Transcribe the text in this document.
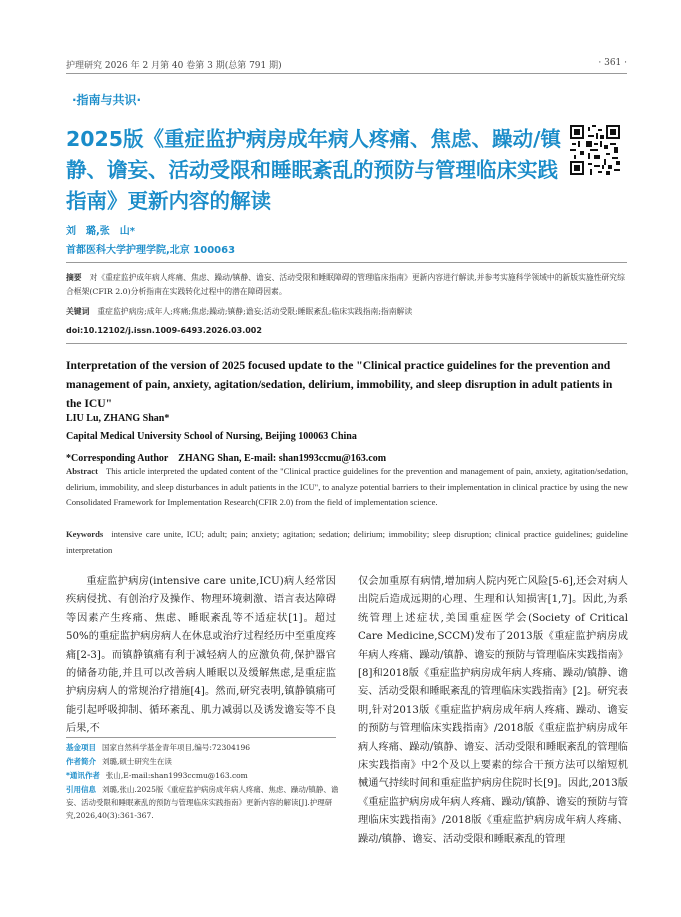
护理研究 2026 年 2 月第 40 卷第 3 期(总第 791 期)	· 361 ·
·指南与共识·
2025版《重症监护病房成年病人疼痛、焦虑、躁动/镇静、谵妄、活动受限和睡眠紊乱的预防与管理临床实践指南》更新内容的解读
刘　璐,张　山*
首都医科大学护理学院,北京 100063
摘要 对《重症监护成年病人疼痛、焦虑、躁动/镇静、谵妄、活动受限和睡眠障碍的管理临床指南》更新内容进行解读,并参考实施科学领域中的新版实施性研究综合框架(CFIR 2.0)分析指南在实践转化过程中的潜在障碍因素。
关键词 重症监护病房;成年人;疼痛;焦虑;躁动;镇静;谵妄;活动受限;睡眠紊乱;临床实践指南;指南解读
doi:10.12102/j.issn.1009-6493.2026.03.002
Interpretation of the version of 2025 focused update to the "Clinical practice guidelines for the prevention and management of pain, anxiety, agitation/sedation, delirium, immobility, and sleep disruption in adult patients in the ICU"
LIU Lu, ZHANG Shan*
Capital Medical University School of Nursing, Beijing 100063 China
*Corresponding Author　ZHANG Shan, E-mail: shan1993ccmu@163.com
Abstract This article interpreted the updated content of the "Clinical practice guidelines for the prevention and management of pain, anxiety, agitation/sedation, delirium, immobility, and sleep disturbances in adult patients in the ICU", to analyze potential barriers to their implementation in clinical practice by using the new Consolidated Framework for Implementation Research(CFIR 2.0) from the field of implementation science.
Keywords intensive care unite, ICU; adult; pain; anxiety; agitation; sedation; delirium; immobility; sleep disruption; clinical practice guidelines; guideline interpretation
重症监护病房(intensive care unite,ICU)病人经常因疾病侵扰、有创治疗及操作、物理环境刺激、语言表达障碍等因素产生疼痛、焦虑、睡眠紊乱等不适症状[1]。超过50%的重症监护病房病人在休息或治疗过程经历中至重度疼痛[2-3]。而镇静镇痛有利于减轻病人的应激负荷,保护器官的储备功能,并且可以改善病人睡眠以及缓解焦虑,是重症监护病房病人的常规治疗措施[4]。然而,研究表明,镇静镇痛可能引起呼吸抑制、循环紊乱、肌力减弱以及诱发谵妄等不良后果,不
仅会加重原有病情,增加病人院内死亡风险[5-6],还会对病人出院后造成远期的心理、生理和认知损害[1,7]。因此,为系统管理上述症状,美国重症医学会(Society of Critical Care Medicine,SCCM)发布了2013版《重症监护病房成年病人疼痛、躁动/镇静、谵妄的预防与管理临床实践指南》[8]和2018版《重症监护病房成年病人疼痛、躁动/镇静、谵妄、活动受限和睡眠紊乱的管理临床实践指南》[2]。研究表明,针对2013版《重症监护病房成年病人疼痛、躁动、谵妄的预防与管理临床实践指南》/2018版《重症监护病房成年病人疼痛、躁动/镇静、谵妄、活动受限和睡眠紊乱的管理临床实践指南》中2个及以上要素的综合干预方法可以缩短机械通气持续时间和重症监护病房住院时长[9]。因此,2013版《重症监护病房成年病人疼痛、躁动/镇静、谵妄的预防与管理临床实践指南》/2018版《重症监护病房成年病人疼痛、躁动/镇静、谵妄、活动受限和睡眠紊乱的管理
基金项目 国家自然科学基金青年项目,编号:72304196
作者简介 刘璐,硕士研究生在读
*通讯作者 张山,E-mail:shan1993ccmu@163.com
引用信息 刘璐,张山.2025版《重症监护病房成年病人疼痛、焦虑、躁动/镇静、谵妄、活动受限和睡眠紊乱的预防与管理临床实践指南》更新内容的解读[J].护理研究,2026,40(3):361-367.
